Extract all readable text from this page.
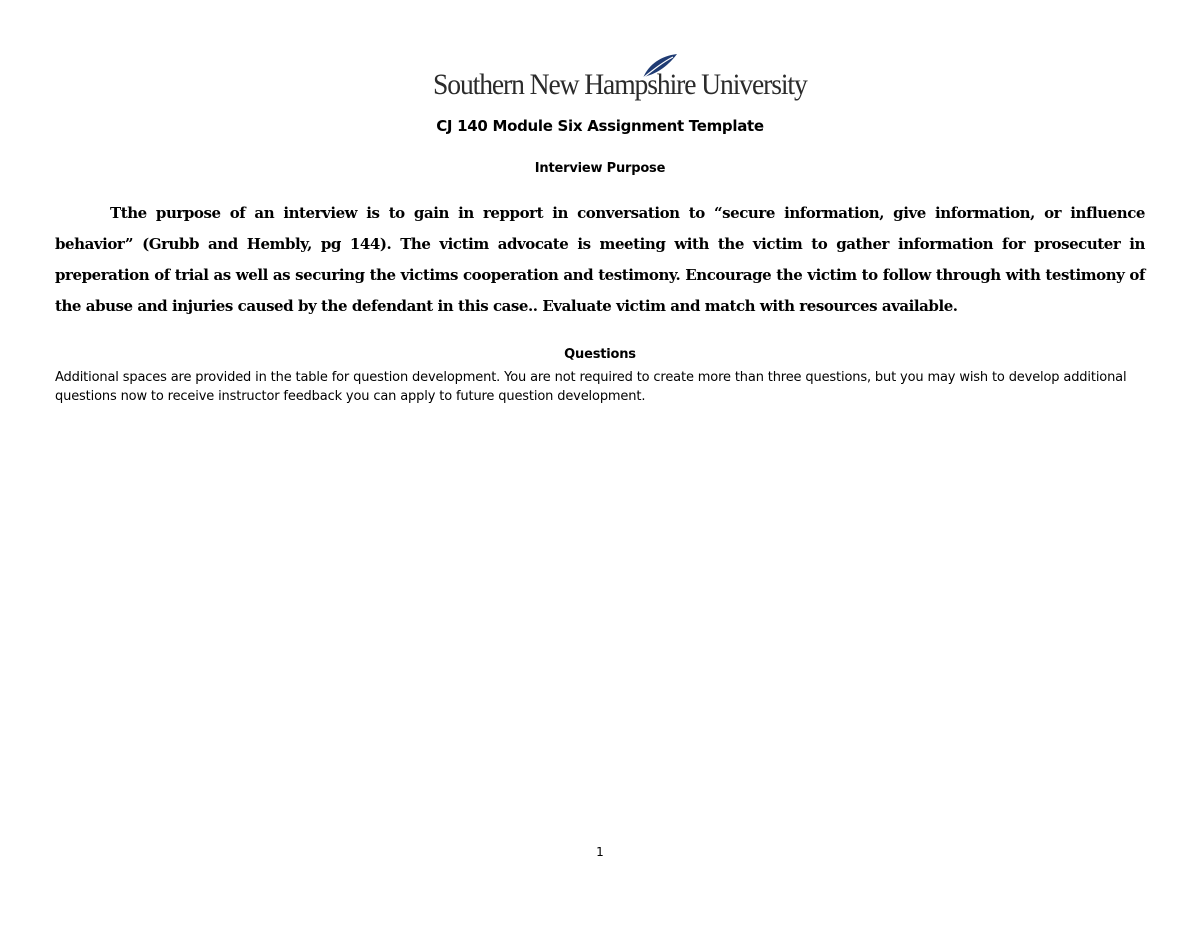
Southern New Hampshire University
CJ 140 Module Six Assignment Template
Interview Purpose

Tthe purpose of an interview is to gain in repport in conversation to “secure information, give information, or influence behavior” (Grubb and Hembly, pg 144). The victim advocate is meeting with the victim to gather information for prosecuter in preperation of trial as well as securing the victims cooperation and testimony. Encourage the victim to follow through with testimony of the abuse and injuries caused by the defendant in this case.. Evaluate victim and match with resources available.

Questions

Additional spaces are provided in the table for question development. You are not required to create more than three questions, but you may wish to develop additional questions now to receive instructor feedback you can apply to future question development.

1
